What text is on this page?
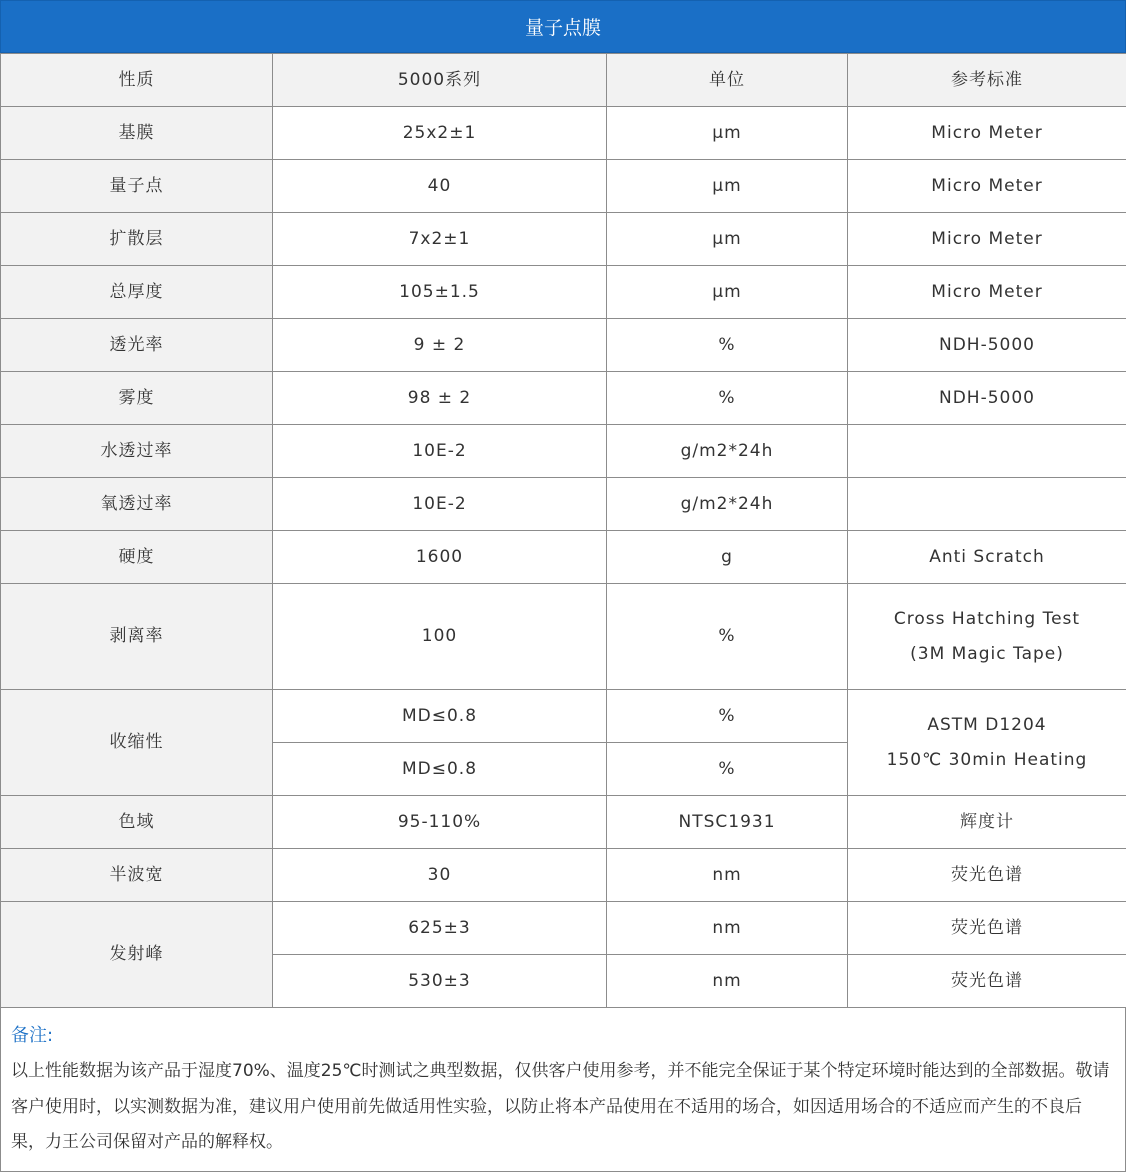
量子点膜
性质	5000系列	单位	参考标准
基膜	25x2±1	μm	Micro Meter
量子点	40	μm	Micro Meter
扩散层	7x2±1	μm	Micro Meter
总厚度	105±1.5	μm	Micro Meter
透光率	9 ± 2	%	NDH-5000
雾度	98 ± 2	%	NDH-5000
水透过率	10E-2	g/m2*24h	
氧透过率	10E-2	g/m2*24h	
硬度	1600	g	Anti Scratch
剥离率	100	%	Cross Hatching Test
(3M Magic Tape)

收缩性	MD≤0.8	%	ASTM D1204
150℃ 30min Heating

	MD≤0.8	%	
色域	95-110%	NTSC1931	辉度计
半波宽	30	nm	荧光色谱
发射峰	625±3	nm	荧光色谱
	530±3	nm	荧光色谱
备注:
以上性能数据为该产品于湿度70%、温度25℃时测试之典型数据，仅供客户使用参考，并不能完全保证于某个特定环境时能达到的全部数据。敬请客户使用时，以实测数据为准，建议用户使用前先做适用性实验，以防止将本产品使用在不适用的场合，如因适用场合的不适应而产生的不良后果，力王公司保留对产品的解释权。
